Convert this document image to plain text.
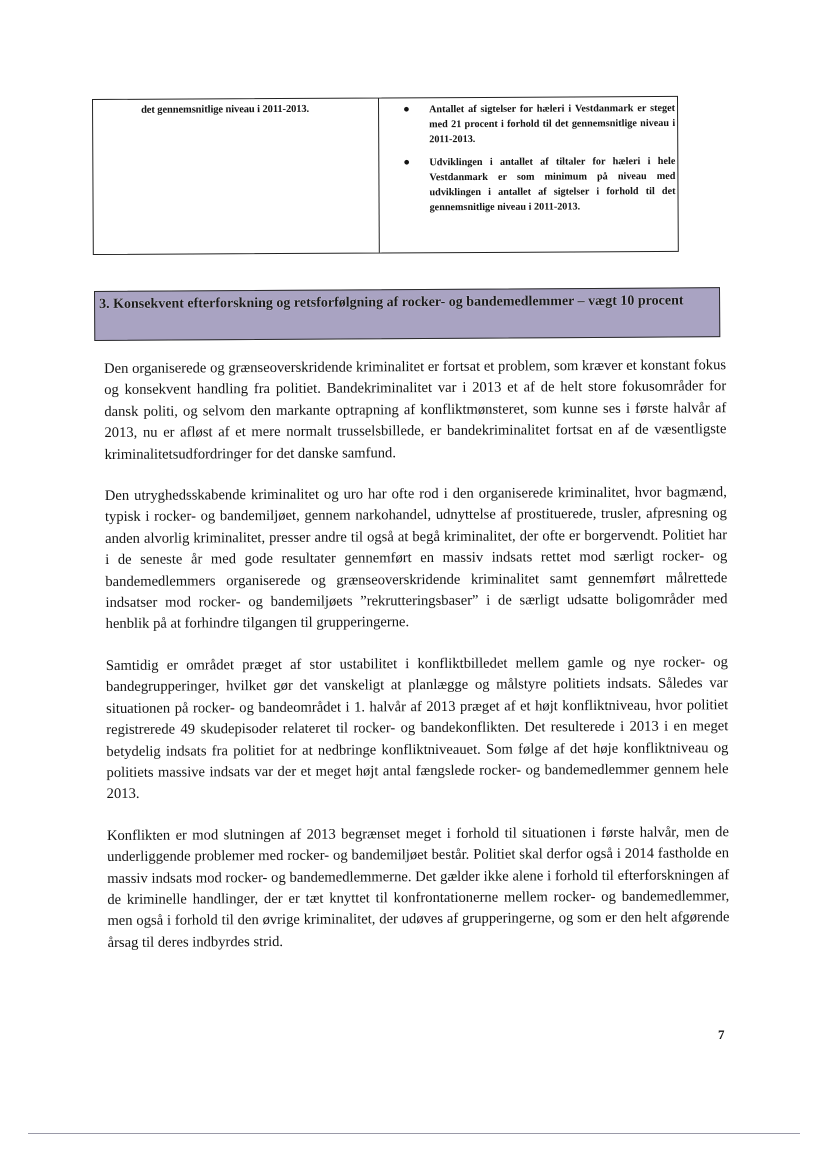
det gennemsnitlige niveau i 2011-2013.	● Antallet af sigtelser for hæleri i Vestdanmark er steget med 21 procent i forhold til det gennemsnitlige niveau i 2011-2013.
● Udviklingen i antallet af tiltaler for hæleri i hele Vestdanmark er som minimum på niveau med udviklingen i antallet af sigtelser i forhold til det gennemsnitlige niveau i 2011-2013.
3. Konsekvent efterforskning og retsforfølgning af rocker- og bandemedlemmer – vægt 10 procent

Den organiserede og grænseoverskridende kriminalitet er fortsat et problem, som kræver et konstant fokus og konsekvent handling fra politiet. Bandekriminalitet var i 2013 et af de helt store fokusområder for dansk politi, og selvom den markante optrapning af konfliktmønsteret, som kunne ses i første halvår af 2013, nu er afløst af et mere normalt trusselsbillede, er bandekriminalitet fortsat en af de væsentligste kriminalitetsudfordringer for det danske samfund.

Den utryghedsskabende kriminalitet og uro har ofte rod i den organiserede kriminalitet, hvor bagmænd, typisk i rocker- og bandemiljøet, gennem narkohandel, udnyttelse af prostituerede, trusler, afpresning og anden alvorlig kriminalitet, presser andre til også at begå kriminalitet, der ofte er borgervendt. Politiet har i de seneste år med gode resultater gennemført en massiv indsats rettet mod særligt rocker- og bandemedlemmers organiserede og grænseoverskridende kriminalitet samt gennemført målrettede indsatser mod rocker- og bandemiljøets ”rekrutteringsbaser” i de særligt udsatte boligområder med henblik på at forhindre tilgangen til grupperingerne.

Samtidig er området præget af stor ustabilitet i konfliktbilledet mellem gamle og nye rocker- og bandegrupperinger, hvilket gør det vanskeligt at planlægge og målstyre politiets indsats. Således var situationen på rocker- og bandeområdet i 1. halvår af 2013 præget af et højt konfliktniveau, hvor politiet registrerede 49 skudepisoder relateret til rocker- og bandekonflikten. Det resulterede i 2013 i en meget betydelig indsats fra politiet for at nedbringe konfliktniveauet. Som følge af det høje konfliktniveau og politiets massive indsats var der et meget højt antal fængslede rocker- og bandemedlemmer gennem hele 2013.

Konflikten er mod slutningen af 2013 begrænset meget i forhold til situationen i første halvår, men de underliggende problemer med rocker- og bandemiljøet består. Politiet skal derfor også i 2014 fastholde en massiv indsats mod rocker- og bandemedlemmerne. Det gælder ikke alene i forhold til efterforskningen af de kriminelle handlinger, der er tæt knyttet til konfrontationerne mellem rocker- og bandemedlemmer, men også i forhold til den øvrige kriminalitet, der udøves af grupperingerne, og som er den helt afgørende årsag til deres indbyrdes strid.

7
